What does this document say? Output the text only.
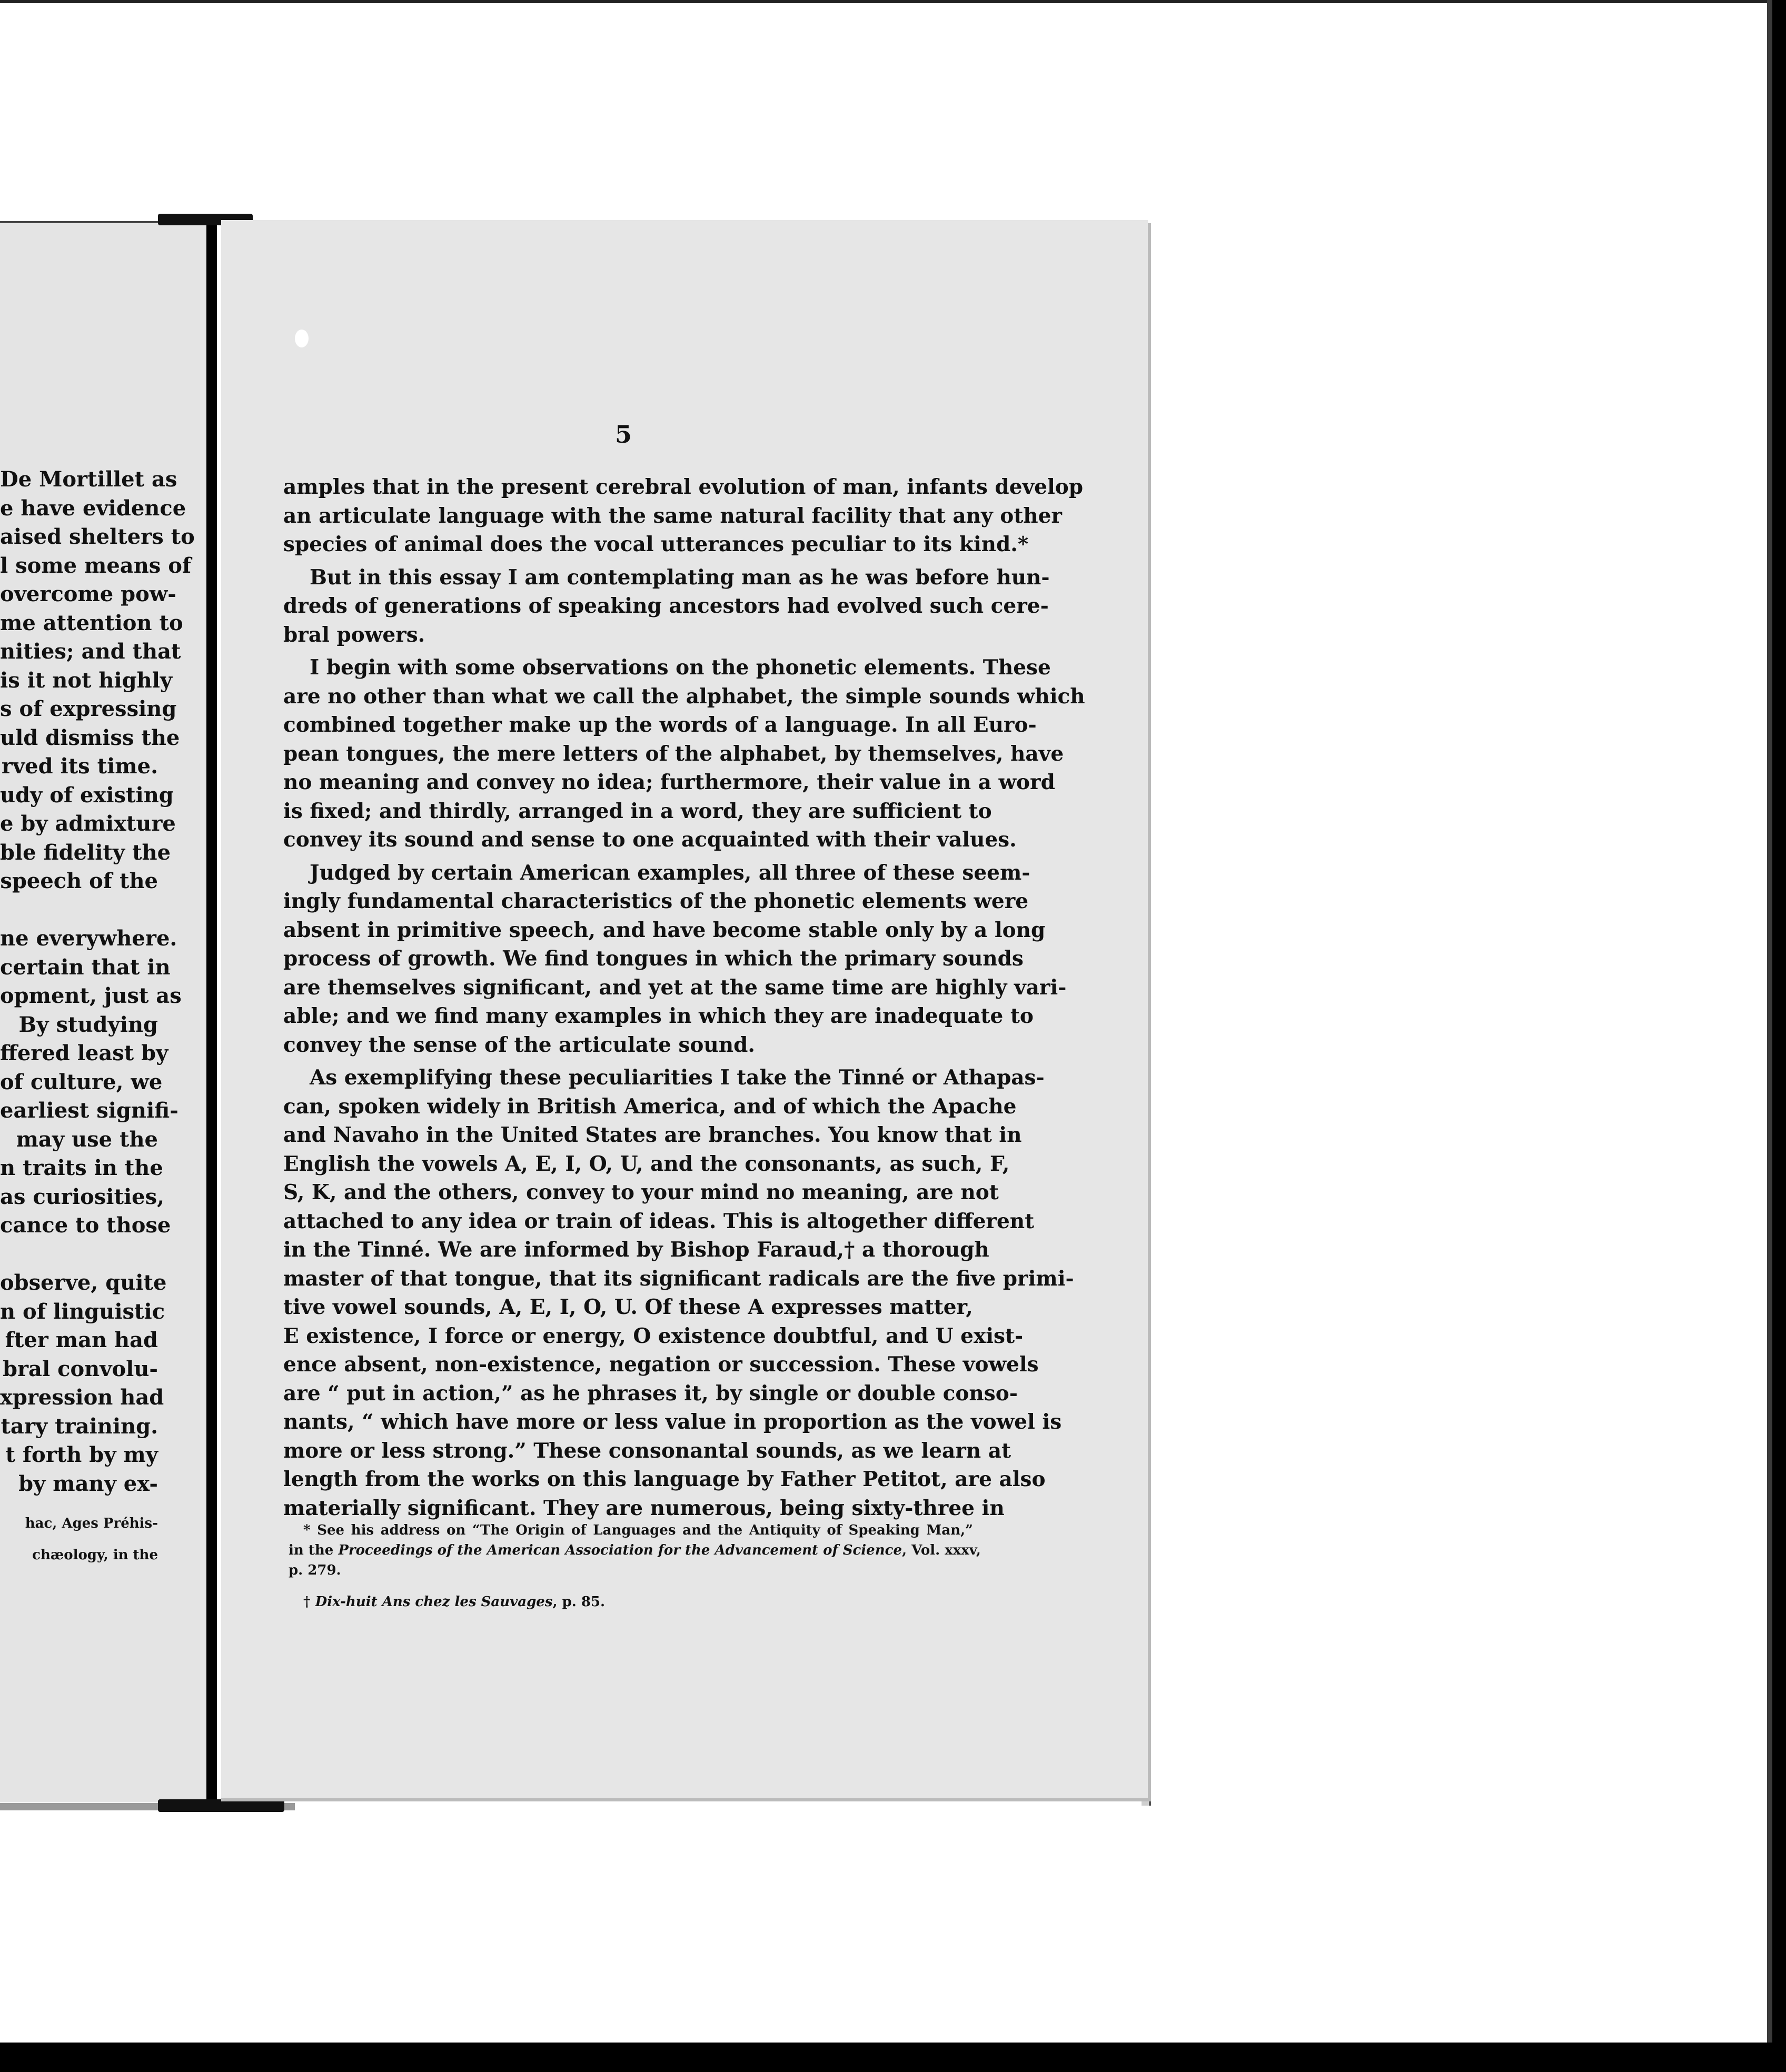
De Mortillet as
e have evidence
aised shelters to
l some means of
overcome pow-
me attention to
nities; and that
is it not highly
s of expressing
uld dismiss the
rved its time.
udy of existing
e by admixture
ble fidelity the
speech of the

ne everywhere.
certain that in
opment, just as
By studying
ffered least by
of culture, we
earliest signifi-
may use the
n traits in the
as curiosities,
cance to those

observe, quite
n of linguistic
fter man had
bral convolu-
xpression had
tary training.
t forth by my
by many ex-
hac, Ages Préhis-
chæology, in the
5
amples that in the present cerebral evolution of man, infants develop
an articulate language with the same natural facility that any other
species of animal does the vocal utterances peculiar to its kind.*
But in this essay I am contemplating man as he was before hun-
dreds of generations of speaking ancestors had evolved such cere-
bral powers.
I begin with some observations on the phonetic elements. These
are no other than what we call the alphabet, the simple sounds which
combined together make up the words of a language. In all Euro-
pean tongues, the mere letters of the alphabet, by themselves, have
no meaning and convey no idea; furthermore, their value in a word
is fixed; and thirdly, arranged in a word, they are sufficient to
convey its sound and sense to one acquainted with their values.
Judged by certain American examples, all three of these seem-
ingly fundamental characteristics of the phonetic elements were
absent in primitive speech, and have become stable only by a long
process of growth. We find tongues in which the primary sounds
are themselves significant, and yet at the same time are highly vari-
able; and we find many examples in which they are inadequate to
convey the sense of the articulate sound.
As exemplifying these peculiarities I take the Tinné or Athapas-
can, spoken widely in British America, and of which the Apache
and Navaho in the United States are branches. You know that in
English the vowels A, E, I, O, U, and the consonants, as such, F,
S, K, and the others, convey to your mind no meaning, are not
attached to any idea or train of ideas. This is altogether different
in the Tinné. We are informed by Bishop Faraud,† a thorough
master of that tongue, that its significant radicals are the five primi-
tive vowel sounds, A, E, I, O, U. Of these A expresses matter,
E existence, I force or energy, O existence doubtful, and U exist-
ence absent, non-existence, negation or succession. These vowels
are “ put in action,” as he phrases it, by single or double conso-
nants, “ which have more or less value in proportion as the vowel is
more or less strong.” These consonantal sounds, as we learn at
length from the works on this language by Father Petitot, are also
materially significant. They are numerous, being sixty-three in
* See his address on “The Origin of Languages and the Antiquity of Speaking Man,”
in the Proceedings of the American Association for the Advancement of Science, Vol. xxxv,
p. 279.
† Dix-huit Ans chez les Sauvages, p. 85.
